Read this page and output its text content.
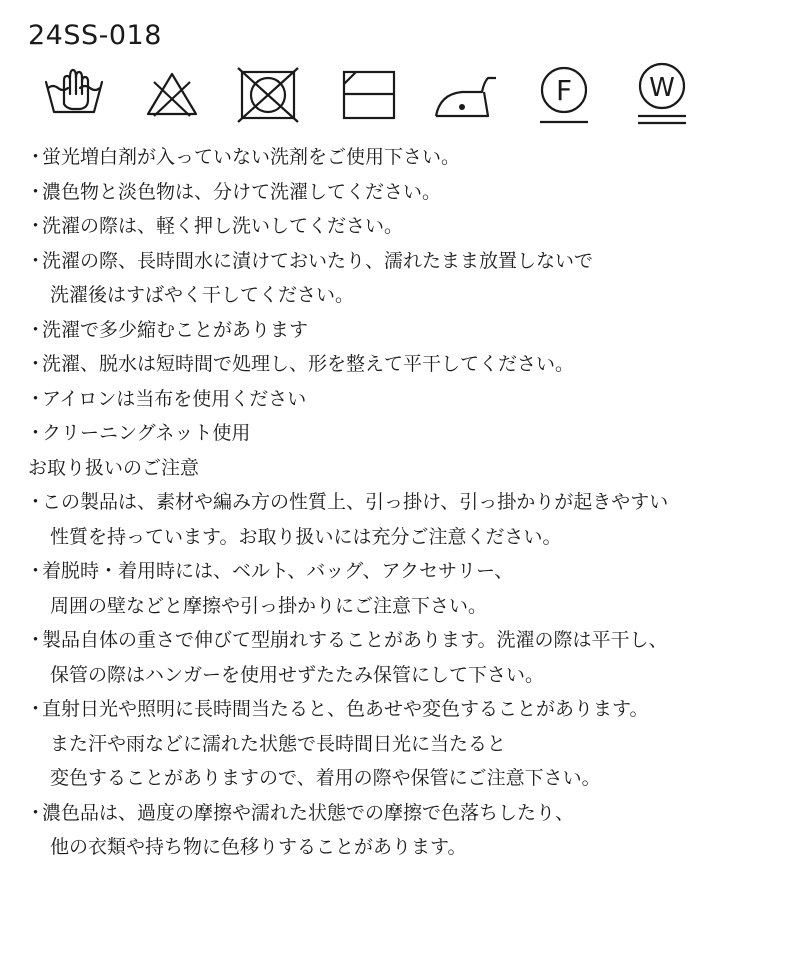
24SS-018
F	W
・蛍光増白剤が入っていない洗剤をご使用下さい。
・濃色物と淡色物は、分けて洗濯してください。
・洗濯の際は、軽く押し洗いしてください。
・洗濯の際、長時間水に漬けておいたり、濡れたまま放置しないで
洗濯後はすばやく干してください。
・洗濯で多少縮むことがあります
・洗濯、脱水は短時間で処理し、形を整えて平干してください。
・アイロンは当布を使用ください
・クリーニングネット使用
お取り扱いのご注意
・この製品は、素材や編み方の性質上、引っ掛け、引っ掛かりが起きやすい
性質を持っています。お取り扱いには充分ご注意ください。
・着脱時・着用時には、ベルト、バッグ、アクセサリー、
周囲の壁などと摩擦や引っ掛かりにご注意下さい。
・製品自体の重さで伸びて型崩れすることがあります。洗濯の際は平干し、
保管の際はハンガーを使用せずたたみ保管にして下さい。
・直射日光や照明に長時間当たると、色あせや変色することがあります。
また汗や雨などに濡れた状態で長時間日光に当たると
変色することがありますので、着用の際や保管にご注意下さい。
・濃色品は、過度の摩擦や濡れた状態での摩擦で色落ちしたり、
他の衣類や持ち物に色移りすることがあります。
